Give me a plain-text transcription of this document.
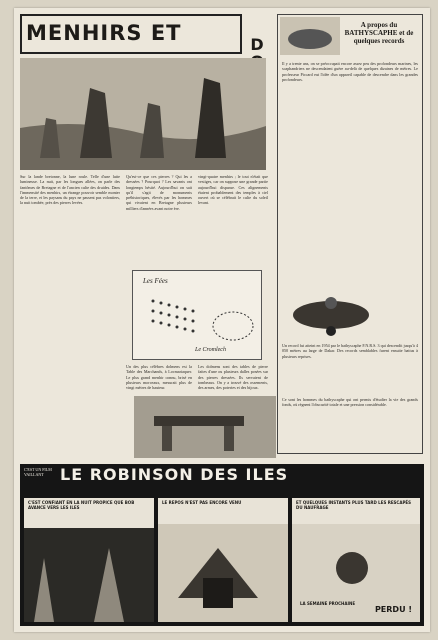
MENHIRS ET	D
Sur la lande bretonne, la lune roule. Telle d'une lutte lumineuse. La nuit, par les longues allées, on parle des fantômes de Bretagne et de l'ancien culte des druides. Dans l'immensité des menhirs, un étrange pouvoir semble monter de la terre, et les paysans du pays ne passent pas volontiers, la nuit tombée, près des pierres levées.
Qu'est-ce que ces pierres ? Qui les a dressées ? Pourquoi ? Les savants ont longtemps hésité. Aujourd'hui on sait qu'il s'agit de monuments préhistoriques, élevés par les hommes qui vivaient en Bretagne plusieurs milliers d'années avant notre ère.
vingt-quatre menhirs ; le tout n'était que vestiges, car on suppose une grande partie aujourd'hui disparue. Ces alignements étaient probablement des temples à ciel ouvert où se célébrait le culte du soleil levant.
Un des plus célèbres dolmens est la Table des Marchands, à Locmariaquer. Le plus grand menhir connu, brisé en plusieurs morceaux, mesurait plus de vingt mètres de hauteur.
Les dolmens sont des tables de pierre faites d'une ou plusieurs dalles posées sur des pierres dressées. Ils servaient de tombeaux. On y a trouvé des ossements, des armes, des poteries et des bijoux.
Les Fées
Le Cromlech
A propos du BATHYSCAPHE et de quelques records
Il y a trente ans, on se préoccupait encore assez peu des profondeurs marines, les scaphandriers ne descendaient guère au-delà de quelques dizaines de mètres. Le professeur Piccard eut l'idée d'un appareil capable de descendre dans les grandes profondeurs.
Un record fut atteint en 1954 par le bathyscaphe F.N.R.S. 3 qui descendit jusqu'à 4 050 mètres au large de Dakar. Des records semblables furent ensuite battus à plusieurs reprises.
Ce sont les hommes du bathyscaphe qui ont permis d'étudier la vie des grands fonds, où règnent l'obscurité totale et une pression considérable.
C'EST UN FILM VAILLANT	LE ROBINSON DES ILES
C'EST CONFIANT EN LA NUIT PROPICE QUE BOB AVANCE VERS LES ILES
LE REPOS N'EST PAS ENCORE VENU	ET QUELQUES INSTANTS PLUS TARD LES RESCAPÉS DU NAUFRAGE
LA SEMAINE PROCHAINE
PERDU !
